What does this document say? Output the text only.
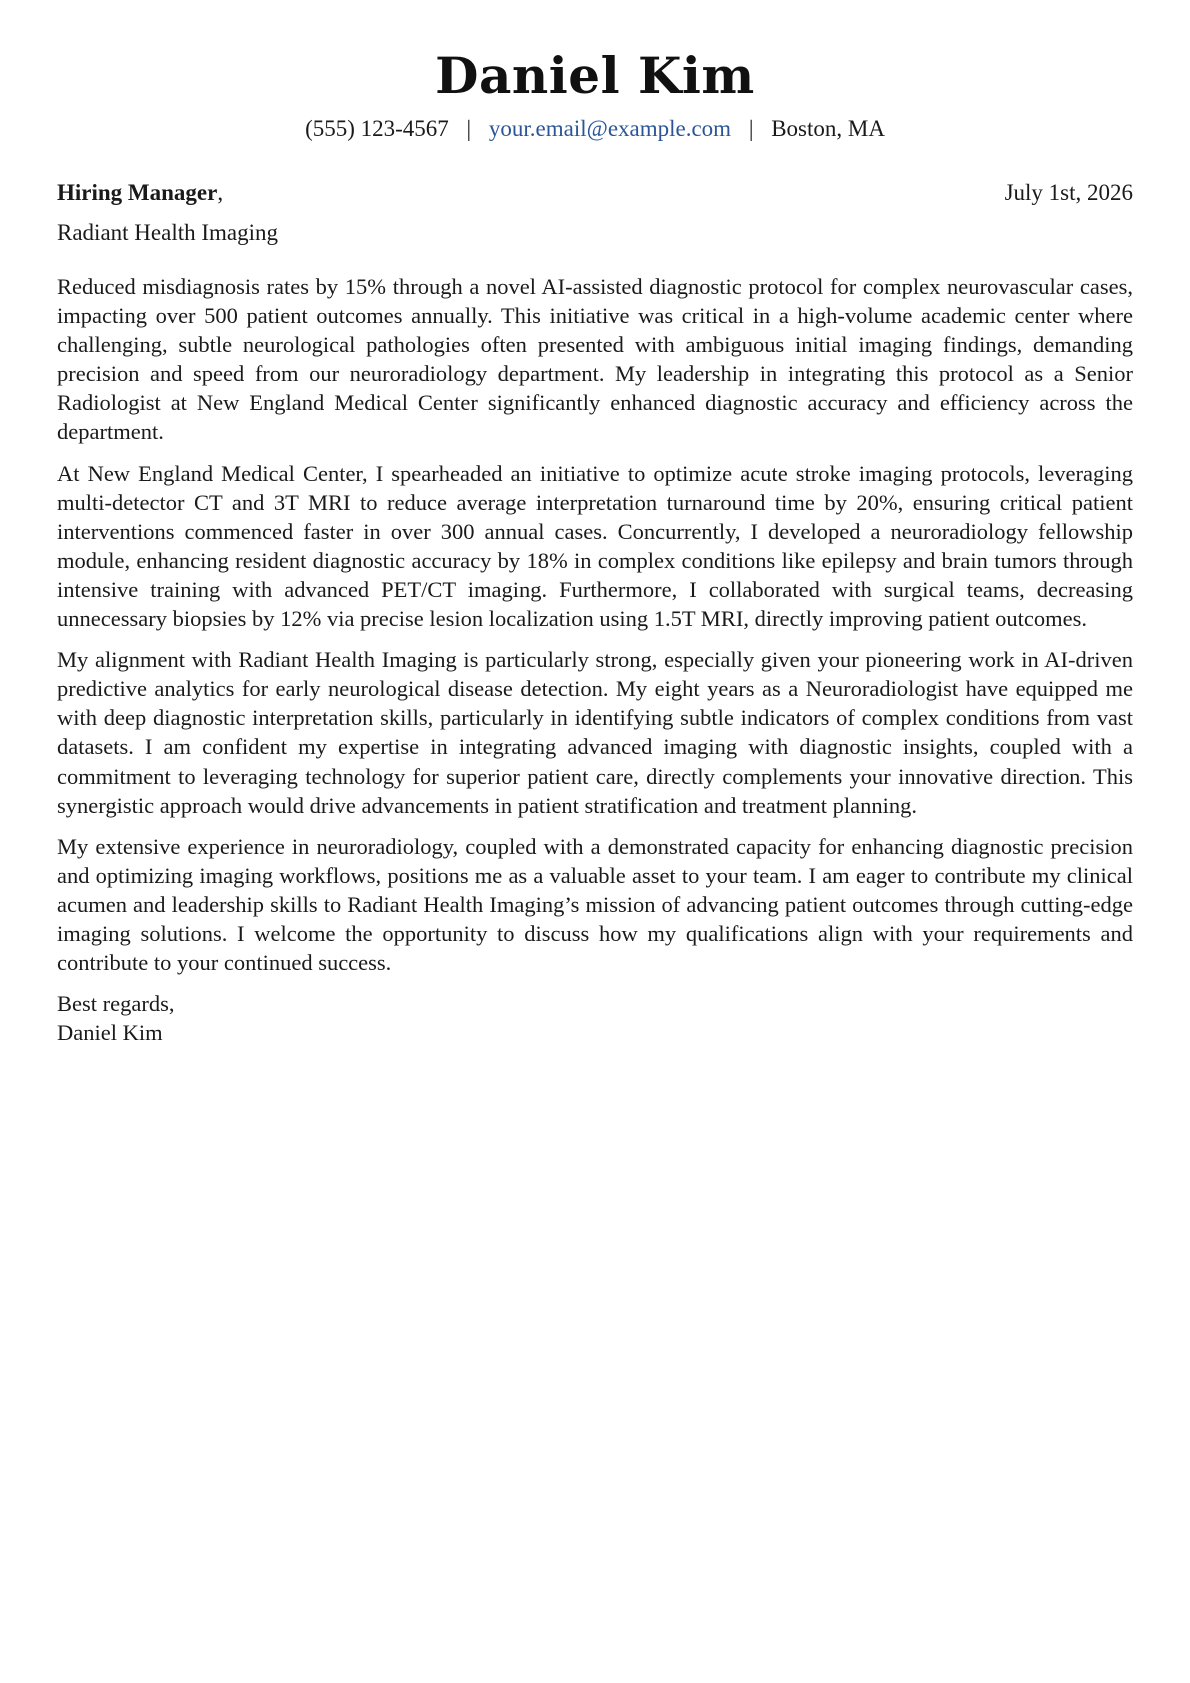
Daniel Kim
(555) 123-4567 | your.email@example.com | Boston, MA
Hiring Manager,	July 1st, 2026
Radiant Health Imaging

Reduced misdiagnosis rates by 15% through a novel AI-assisted diagnostic protocol for complex neurovascular cases, impacting over 500 patient outcomes annually. This initiative was critical in a high-volume academic center where challenging, subtle neurological pathologies often presented with ambiguous initial imaging findings, demanding precision and speed from our neuroradiology department. My leadership in integrating this protocol as a Senior Radiologist at New England Medical Center significantly enhanced diagnostic accuracy and efficiency across the department.

At New England Medical Center, I spearheaded an initiative to optimize acute stroke imaging protocols, leveraging multi-detector CT and 3T MRI to reduce average interpretation turnaround time by 20%, ensuring critical patient interventions commenced faster in over 300 annual cases. Concurrently, I developed a neuroradiology fellowship module, enhancing resident diagnostic accuracy by 18% in complex conditions like epilepsy and brain tumors through intensive training with advanced PET/CT imaging. Furthermore, I collaborated with surgical teams, decreasing unnecessary biopsies by 12% via precise lesion localization using 1.5T MRI, directly improving patient outcomes.

My alignment with Radiant Health Imaging is particularly strong, especially given your pioneering work in AI-driven predictive analytics for early neurological disease detection. My eight years as a Neuroradiologist have equipped me with deep diagnostic interpretation skills, particularly in identifying subtle indicators of complex conditions from vast datasets. I am confident my expertise in integrating advanced imaging with diagnostic insights, coupled with a commitment to leveraging technology for superior patient care, directly complements your innovative direction. This synergistic approach would drive advancements in patient stratification and treatment planning.

My extensive experience in neuroradiology, coupled with a demonstrated capacity for enhancing diagnostic precision and optimizing imaging workflows, positions me as a valuable asset to your team. I am eager to contribute my clinical acumen and leadership skills to Radiant Health Imaging’s mission of advancing patient outcomes through cutting-edge imaging solutions. I welcome the opportunity to discuss how my qualifications align with your requirements and contribute to your continued success.

Best regards,
Daniel Kim
